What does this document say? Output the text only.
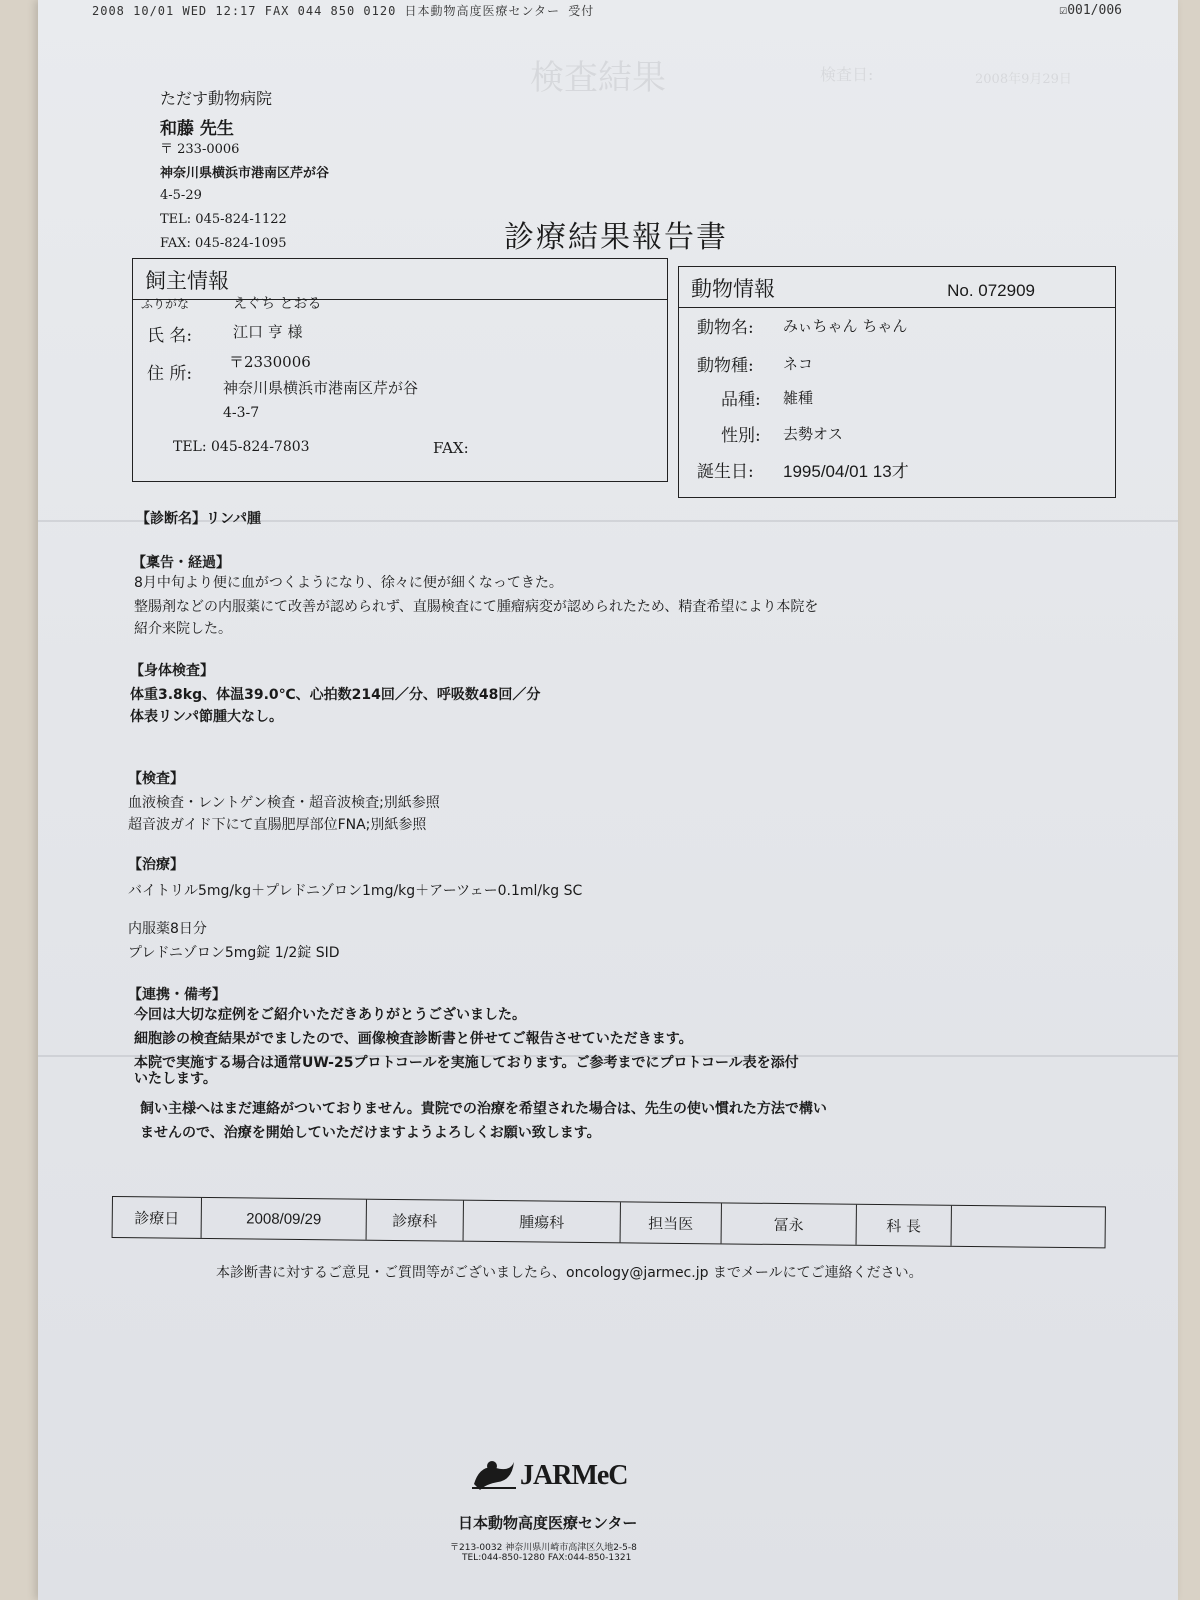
2008 10/01 WED 12:17 FAX 044 850 0120 日本動物高度医療センター 受付	☑001/006
検査結果	検査日:	2008年9月29日
ただす動物病院
和藤 先生
〒 233-0006
神奈川県横浜市港南区芹が谷
4-5-29
TEL: 045-824-1122
FAX: 045-824-1095	診療結果報告書
飼主情報
ふりがな	えぐち とおる
氏 名:	江口 亨 様
住 所:
〒2330006
神奈川県横浜市港南区芹が谷
4-3-7
TEL: 045-824-7803	FAX:
動物情報	No. 072909
動物名: みぃちゃん ちゃん
動物種: ネコ
品種: 雑種
性別: 去勢オス
誕生日: 1995/04/01 13才
【診断名】リンパ腫
【稟告・経過】
8月中旬より便に血がつくようになり、徐々に便が細くなってきた。
整腸剤などの内服薬にて改善が認められず、直腸検査にて腫瘤病変が認められたため、精査希望により本院を
紹介来院した。
【身体検査】
体重3.8kg、体温39.0℃、心拍数214回／分、呼吸数48回／分
体表リンパ節腫大なし。
【検査】
血液検査・レントゲン検査・超音波検査;別紙参照
超音波ガイド下にて直腸肥厚部位FNA;別紙参照
【治療】
バイトリル5mg/kg＋プレドニゾロン1mg/kg＋アーツェー0.1ml/kg SC
内服薬8日分
プレドニゾロン5mg錠 1/2錠 SID
【連携・備考】
今回は大切な症例をご紹介いただきありがとうございました。
細胞診の検査結果がでましたので、画像検査診断書と併せてご報告させていただきます。
本院で実施する場合は通常UW-25プロトコールを実施しております。ご参考までにプロトコール表を添付
いたします。
飼い主様へはまだ連絡がついておりません。貴院での治療を希望された場合は、先生の使い慣れた方法で構い
ませんので、治療を開始していただけますようよろしくお願い致します。
診療日	2008/09/29	診療科	腫瘍科	担当医	冨永	科 長
本診断書に対するご意見・ご質問等がございましたら、oncology@jarmec.jp までメールにてご連絡ください。
JARMeC
日本動物高度医療センター
〒213-0032 神奈川県川崎市高津区久地2-5-8
TEL:044-850-1280 FAX:044-850-1321
